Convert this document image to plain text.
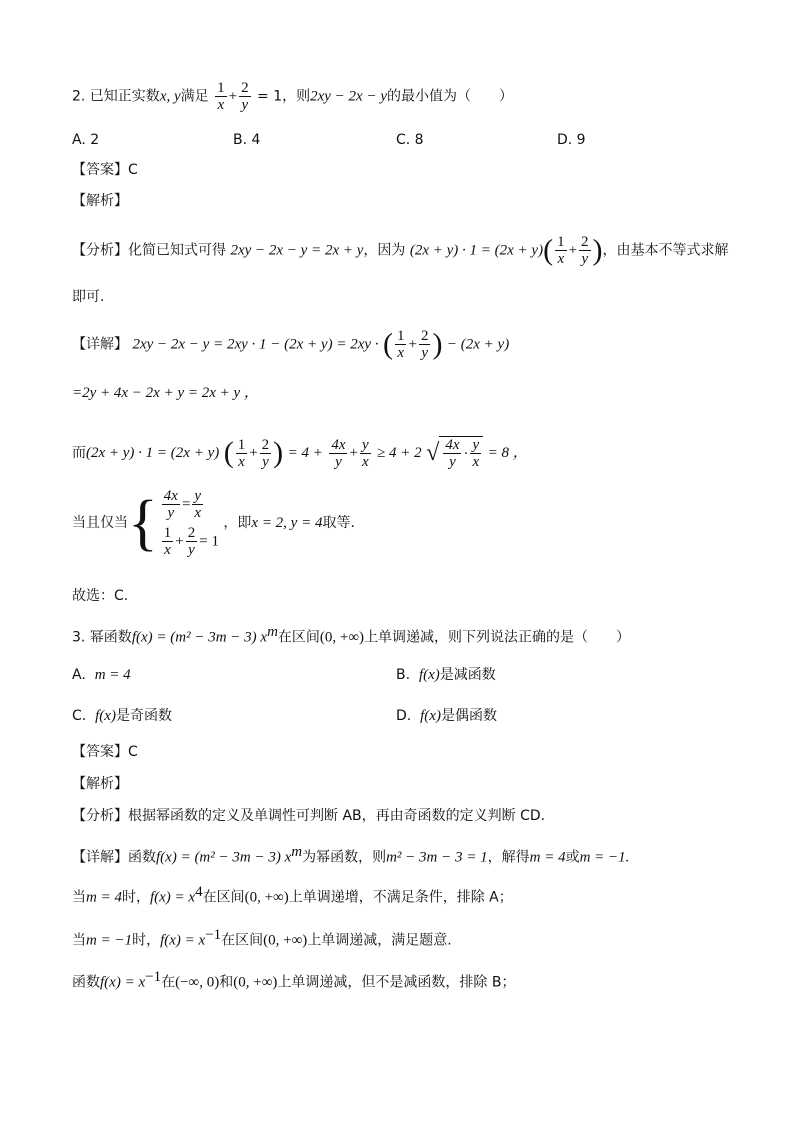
2. 已知正实数x, y满足 $\frac{1}{x} + \frac{2}{y} = 1$，则2xy − 2x − y的最小值为（　　）
A. 2	B. 4	C. 8	D. 9
【答案】C
【解析】
【分析】化简已知式可得 2xy − 2x − y = 2x + y，因为 $(2x + y) \cdot 1 = (2x + y)( \frac{1}{x} + \frac{2}{y}$ )，由基本不等式求解
即可.
【详解】 2xy − 2x − y = 2xy · 1 − (2x + y) = 2xy · ( $\frac{1}{x} + \frac{2}{y}$ ) − (2x + y)
=2y + 4x − 2x + y = 2x + y ，
而(2x + y) · 1 = (2x + y) ( $\frac{1}{x} + \frac{2}{y}$ ) = $4 + \frac{4x}{y} + \frac{y}{x} \ge 4 + 2$ √ $\frac{4x}{y} \cdot \frac{y}{x} = 8$ ，
当且仅当{ $\frac{4x}{y} = \frac{y}{x}$
$\frac{1}{x} + \frac{2}{y} = 1$
，即x = 2, y = 4取等.
故选：C.
3. 幂函数f(x) = (m² − 3m − 3) $x^m$在区间(0, +∞)上单调递减，则下列说法正确的是（　　）
A. m = 4	B. f(x)是减函数
C. f(x)是奇函数	D. f(x)是偶函数
【答案】C
【解析】
【分析】根据幂函数的定义及单调性可判断 AB，再由奇函数的定义判断 CD.
【详解】函数f(x) = (m² − 3m − 3) $x^m$为幂函数，则m² − 3m − 3 = 1，解得m = 4或m = −1.
当m = 4时，$f(x) = x^4$在区间(0, +∞)上单调递增，不满足条件，排除 A；
当m = −1时，$f(x) = x^{-1}$在区间(0, +∞)上单调递减，满足题意.
函数$f(x) = x^{-1}$在(−∞, 0)和(0, +∞)上单调递减，但不是减函数，排除 B；
